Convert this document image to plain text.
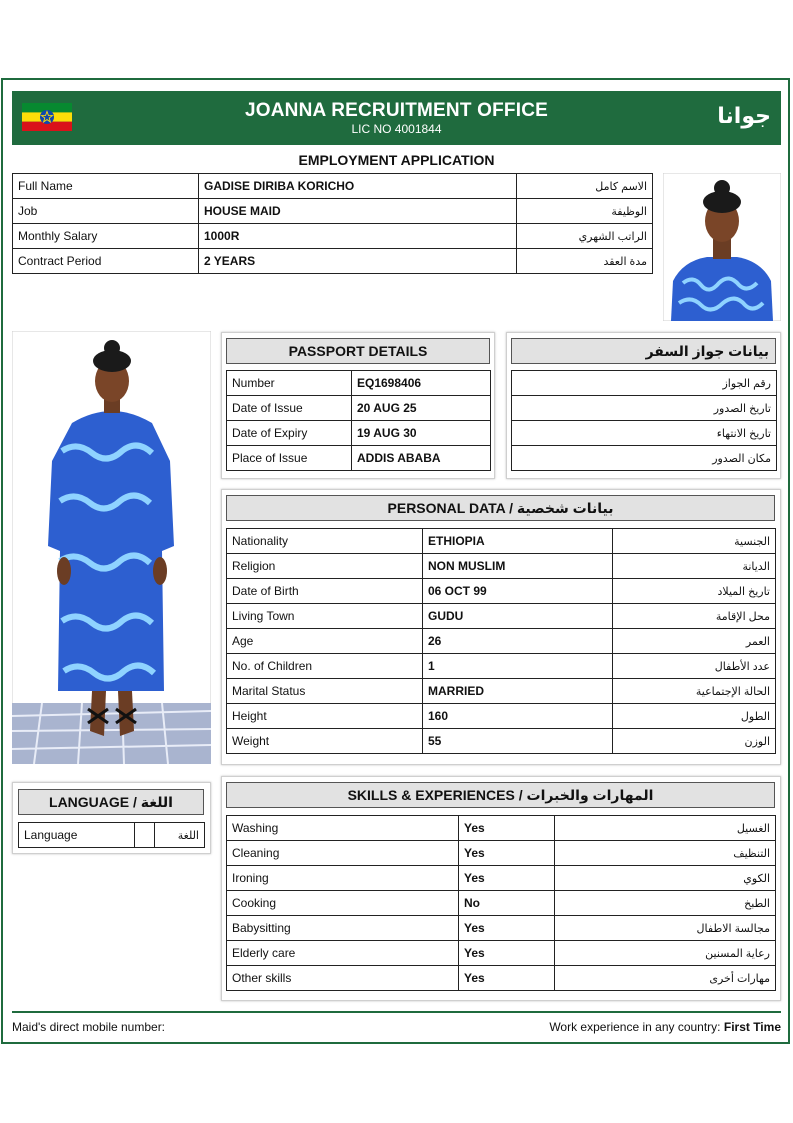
JOANNA RECRUITMENT OFFICE
LIC NO 4001844
جوانا
EMPLOYMENT APPLICATION
Full Name	GADISE DIRIBA KORICHO	الاسم كامل
Job	HOUSE MAID	الوظيفة
Monthly Salary	1000R	الراتب الشهري
Contract Period	2 YEARS	مدة العقد
PASSPORT DETAILS
Number	EQ1698406
Date of Issue	20 AUG 25
Date of Expiry	19 AUG 30
Place of Issue	ADDIS ABABA
بيانات جواز السفر
رقم الجواز
تاريخ الصدور
تاريخ الانتهاء
مكان الصدور
PERSONAL DATA / بيانات شخصية
Nationality	ETHIOPIA	الجنسية
Religion	NON MUSLIM	الديانة
Date of Birth	06 OCT 99	تاريخ الميلاد
Living Town	GUDU	محل الإقامة
Age	26	العمر
No. of Children	1	عدد الأطفال
Marital Status	MARRIED	الحالة الإجتماعية
Height	160	الطول
Weight	55	الوزن
LANGUAGE / اللغة
Language		اللغة
SKILLS & EXPERIENCES / المهارات والخبرات
Washing	Yes	الغسيل
Cleaning	Yes	التنظيف
Ironing	Yes	الكوي
Cooking	No	الطبخ
Babysitting	Yes	مجالسة الاطفال
Elderly care	Yes	رعاية المسنين
Other skills	Yes	مهارات أخرى
Maid's direct mobile number:	Work experience in any country: First Time
